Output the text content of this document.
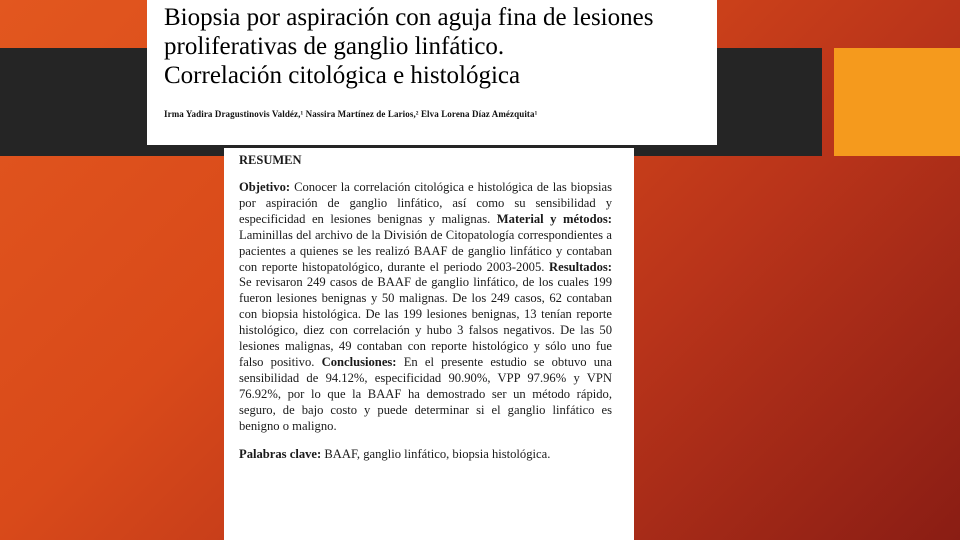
Biopsia por aspiración con aguja fina de lesiones
proliferativas de ganglio linfático.
Correlación citológica e histológica
Irma Yadira Dragustinovis Valdéz,¹ Nassira Martínez de Larios,² Elva Lorena Díaz Amézquita¹
RESUMEN

Objetivo: Conocer la correlación citológica e histológica de las biopsias por aspiración de ganglio linfático, así como su sensibilidad y especificidad en lesiones benignas y malignas. Material y métodos: Laminillas del archivo de la División de Citopatología correspondientes a pacientes a quienes se les realizó BAAF de ganglio linfático y contaban con reporte histopatológico, durante el periodo 2003-2005. Resultados: Se revisaron 249 casos de BAAF de ganglio linfático, de los cuales 199 fueron lesiones benignas y 50 malignas. De los 249 casos, 62 contaban con biopsia histológica. De las 199 lesiones benignas, 13 tenían reporte histológico, diez con correlación y hubo 3 falsos negativos. De las 50 lesiones malignas, 49 contaban con reporte histológico y sólo uno fue falso positivo. Conclusiones: En el presente estudio se obtuvo una sensibilidad de 94.12%, especificidad 90.90%, VPP 97.96% y VPN 76.92%, por lo que la BAAF ha demostrado ser un método rápido, seguro, de bajo costo y puede determinar si el ganglio linfático es benigno o maligno.

Palabras clave: BAAF, ganglio linfático, biopsia histológica.
